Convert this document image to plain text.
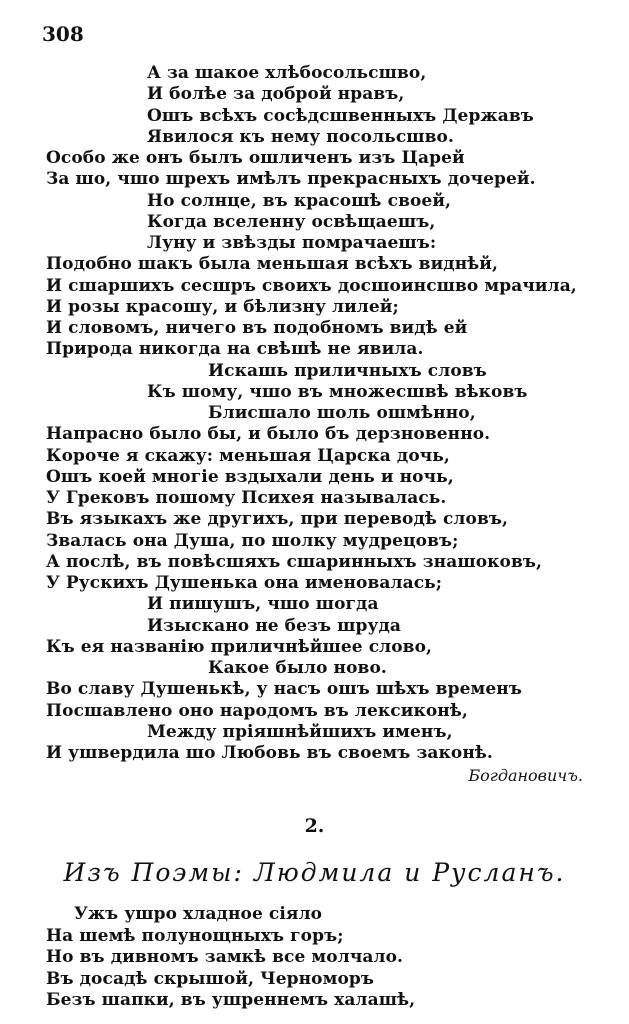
308
А за шакое хлѣбосольсшво,
И болѣе за доброй нравъ,
Ошъ всѣхъ сосѣдсшвенныхъ Державъ
Явилося къ нему посольсшво.
Особо же онъ былъ ошличенъ изъ Царей
За шо, чшо шрехъ имѣлъ прекрасныхъ дочерей.
Но солнце, въ красошѣ своей,
Когда вселенну освѣщаешъ,
Луну и звѣзды помрачаешъ:
Подобно шакъ была меньшая всѣхъ виднѣй,
И сшаршихъ сесшръ своихъ досшоинсшво мрачила,
И розы красошу, и бѣлизну лилей;
И словомъ, ничего въ подобномъ видѣ ей
Природа никогда на свѣшѣ не явила.
Искашь приличныхъ словъ
Къ шому, чшо въ множесшвѣ вѣковъ
Блисшало шоль ошмѣнно,
Напрасно было бы, и было бъ дерзновенно.
Короче я скажу: меньшая Царска дочь,
Ошъ коей многіе вздыхали день и ночь,
У Грековъ пошому Психея называлась.
Въ языкахъ же другихъ, при переводѣ словъ,
Звалась она Душа, по шолку мудрецовъ;
А послѣ, въ повѣсшяхъ сшаринныхъ знашоковъ,
У Рускихъ Душенька она именовалась;
И пишушъ, чшо шогда
Изыскано не безъ шруда
Къ ея названію приличнѣйшее слово,
Какое было ново.
Во славу Душенькѣ, у насъ ошъ шѣхъ временъ
Посшавлено оно народомъ въ лексиконѣ,
Между пріяшнѣйшихъ именъ,
И ушвердила шо Любовь въ своемъ законѣ.
Богдановичъ.
2.
Изъ Поэмы: Людмила и Русланъ.
Ужъ ушро хладное сіяло
На шемѣ полунощныхъ горъ;
Но въ дивномъ замкѣ все молчало.
Въ досадѣ скрышой, Черноморъ
Безъ шапки, въ ушреннемъ халашѣ,
